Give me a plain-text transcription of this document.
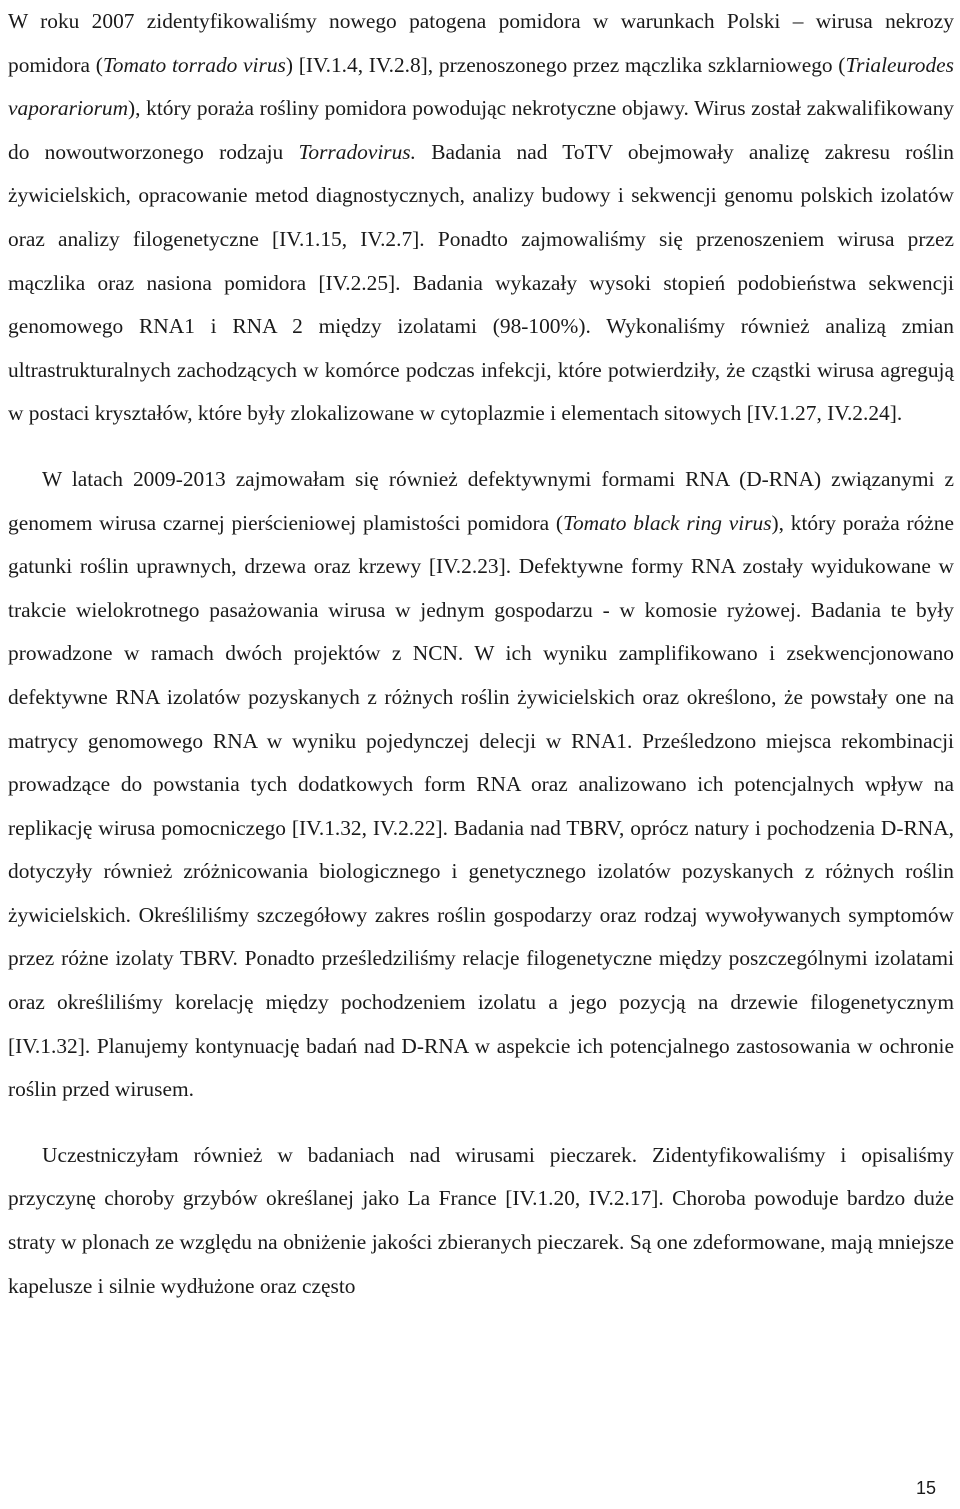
W roku 2007 zidentyfikowaliśmy nowego patogena pomidora w warunkach Polski – wirusa nekrozy pomidora (Tomato torrado virus) [IV.1.4, IV.2.8], przenoszonego przez mączlika szklarniowego (Trialeurodes vaporariorum), który poraża rośliny pomidora powodując nekrotyczne objawy. Wirus został zakwalifikowany do nowoutworzonego rodzaju Torradovirus. Badania nad ToTV obejmowały analizę zakresu roślin żywicielskich, opracowanie metod diagnostycznych, analizy budowy i sekwencji genomu polskich izolatów oraz analizy filogenetyczne [IV.1.15, IV.2.7]. Ponadto zajmowaliśmy się przenoszeniem wirusa przez mączlika oraz nasiona pomidora [IV.2.25]. Badania wykazały wysoki stopień podobieństwa sekwencji genomowego RNA1 i RNA 2 między izolatami (98-100%). Wykonaliśmy również analizą zmian ultrastrukturalnych zachodzących w komórce podczas infekcji, które potwierdziły, że cząstki wirusa agregują w postaci kryształów, które były zlokalizowane w cytoplazmie i elementach sitowych [IV.1.27, IV.2.24].
W latach 2009-2013 zajmowałam się również defektywnymi formami RNA (D-RNA) związanymi z genomem wirusa czarnej pierścieniowej plamistości pomidora (Tomato black ring virus), który poraża różne gatunki roślin uprawnych, drzewa oraz krzewy [IV.2.23]. Defektywne formy RNA zostały wyidukowane w trakcie wielokrotnego pasażowania wirusa w jednym gospodarzu - w komosie ryżowej. Badania te były prowadzone w ramach dwóch projektów z NCN. W ich wyniku zamplifikowano i zsekwencjonowano defektywne RNA izolatów pozyskanych z różnych roślin żywicielskich oraz określono, że powstały one na matrycy genomowego RNA w wyniku pojedynczej delecji w RNA1. Prześledzono miejsca rekombinacji prowadzące do powstania tych dodatkowych form RNA oraz analizowano ich potencjalnych wpływ na replikację wirusa pomocniczego [IV.1.32, IV.2.22]. Badania nad TBRV, oprócz natury i pochodzenia D-RNA, dotyczyły również zróżnicowania biologicznego i genetycznego izolatów pozyskanych z różnych roślin żywicielskich. Określiliśmy szczegółowy zakres roślin gospodarzy oraz rodzaj wywoływanych symptomów przez różne izolaty TBRV. Ponadto prześledziliśmy relacje filogenetyczne między poszczególnymi izolatami oraz określiliśmy korelację między pochodzeniem izolatu a jego pozycją na drzewie filogenetycznym [IV.1.32]. Planujemy kontynuację badań nad D-RNA w aspekcie ich potencjalnego zastosowania w ochronie roślin przed wirusem.
Uczestniczyłam również w badaniach nad wirusami pieczarek. Zidentyfikowaliśmy i opisaliśmy przyczynę choroby grzybów określanej jako La France [IV.1.20, IV.2.17]. Choroba powoduje bardzo duże straty w plonach ze względu na obniżenie jakości zbieranych pieczarek. Są one zdeformowane, mają mniejsze kapelusze i silnie wydłużone oraz często
15
